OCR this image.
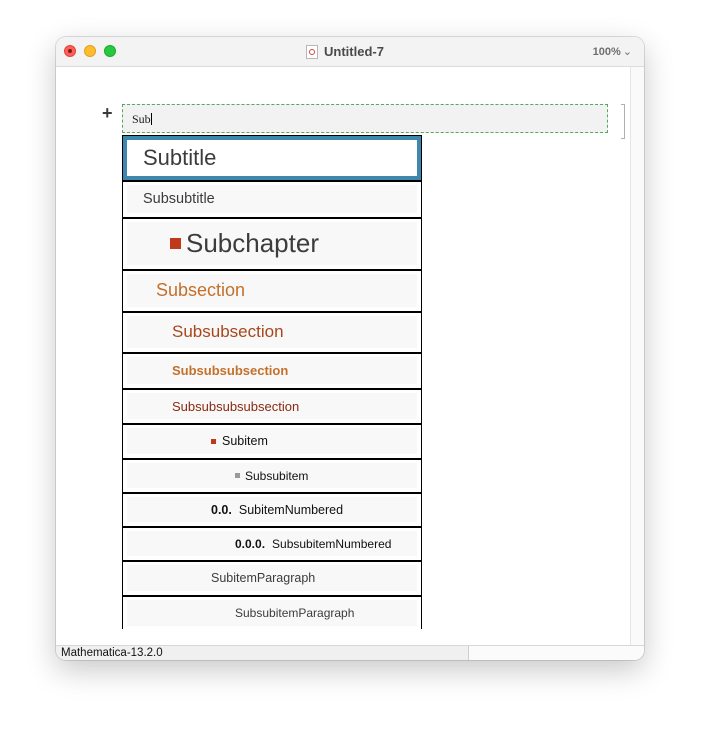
Untitled-7	100% ⌄
+	Sub
Subtitle
Subsubtitle
Subchapter
Subsection
Subsubsection
Subsubsubsection
Subsubsubsubsection
Subitem
Subsubitem
0.0. SubitemNumbered
0.0.0. SubsubitemNumbered
SubitemParagraph
SubsubitemParagraph
Mathematica-13.2.0
